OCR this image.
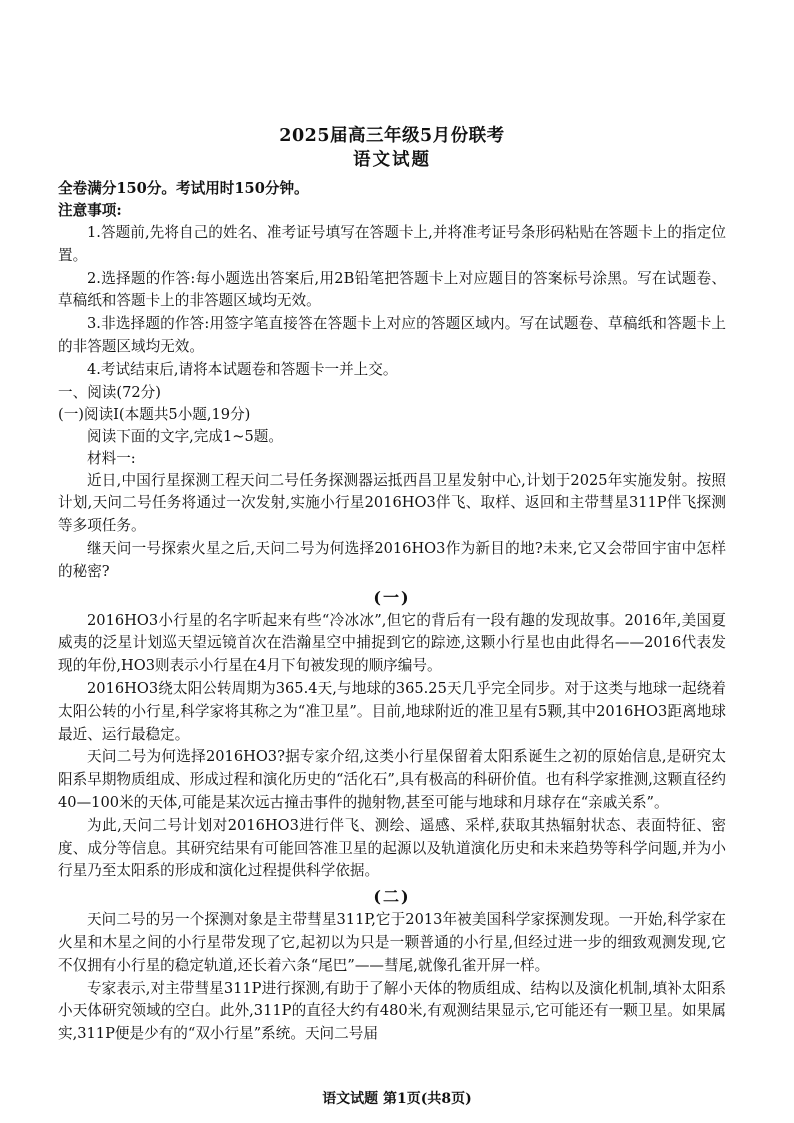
2025届高三年级5月份联考
语文试题

全卷满分150分。考试用时150分钟。

注意事项:

1.答题前,先将自己的姓名、准考证号填写在答题卡上,并将准考证号条形码粘贴在答题卡上的指定位置。

2.选择题的作答:每小题选出答案后,用2B铅笔把答题卡上对应题目的答案标号涂黑。写在试题卷、草稿纸和答题卡上的非答题区域均无效。

3.非选择题的作答:用签字笔直接答在答题卡上对应的答题区域内。写在试题卷、草稿纸和答题卡上的非答题区域均无效。

4.考试结束后,请将本试题卷和答题卡一并上交。

一、阅读(72分)

(一)阅读Ⅰ(本题共5小题,19分)

阅读下面的文字,完成1~5题。

材料一:

近日,中国行星探测工程天问二号任务探测器运抵西昌卫星发射中心,计划于2025年实施发射。按照计划,天问二号任务将通过一次发射,实施小行星2016HO3伴飞、取样、返回和主带彗星311P伴飞探测等多项任务。

继天问一号探索火星之后,天问二号为何选择2016HO3作为新目的地?未来,它又会带回宇宙中怎样的秘密?

(一)

2016HO3小行星的名字听起来有些“冷冰冰”,但它的背后有一段有趣的发现故事。2016年,美国夏威夷的泛星计划巡天望远镜首次在浩瀚星空中捕捉到它的踪迹,这颗小行星也由此得名——2016代表发现的年份,HO3则表示小行星在4月下旬被发现的顺序编号。

2016HO3绕太阳公转周期为365.4天,与地球的365.25天几乎完全同步。对于这类与地球一起绕着太阳公转的小行星,科学家将其称之为“准卫星”。目前,地球附近的准卫星有5颗,其中2016HO3距离地球最近、运行最稳定。

天问二号为何选择2016HO3?据专家介绍,这类小行星保留着太阳系诞生之初的原始信息,是研究太阳系早期物质组成、形成过程和演化历史的“活化石”,具有极高的科研价值。也有科学家推测,这颗直径约40—100米的天体,可能是某次远古撞击事件的抛射物,甚至可能与地球和月球存在“亲戚关系”。

为此,天问二号计划对2016HO3进行伴飞、测绘、遥感、采样,获取其热辐射状态、表面特征、密度、成分等信息。其研究结果有可能回答准卫星的起源以及轨道演化历史和未来趋势等科学问题,并为小行星乃至太阳系的形成和演化过程提供科学依据。

(二)

天问二号的另一个探测对象是主带彗星311P,它于2013年被美国科学家探测发现。一开始,科学家在火星和木星之间的小行星带发现了它,起初以为只是一颗普通的小行星,但经过进一步的细致观测发现,它不仅拥有小行星的稳定轨道,还长着六条“尾巴”——彗尾,就像孔雀开屏一样。

专家表示,对主带彗星311P进行探测,有助于了解小天体的物质组成、结构以及演化机制,填补太阳系小天体研究领域的空白。此外,311P的直径大约有480米,有观测结果显示,它可能还有一颗卫星。如果属实,311P便是少有的“双小行星”系统。天问二号届

语文试题 第1页(共8页)
